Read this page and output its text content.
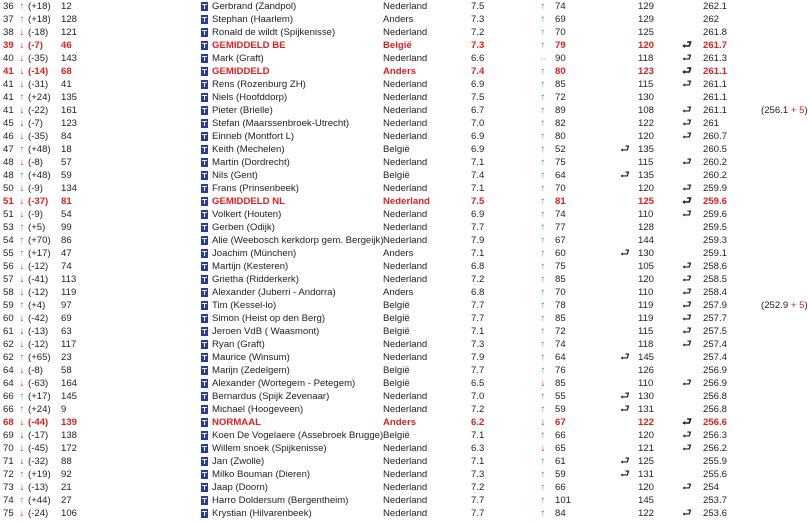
36	↑	(+18)	12		Gerbrand (Zandpol)	Nederland	7.5	↑	74		129		262.1	
37	↑	(+18)	128		Stephan (Haarlem)	Anders	7.3	↑	69		129		262	
38	↓	(-18)	121		Ronald de wildt (Spijkenisse)	Nederland	7.2	↑	70		125		261.8	
39	↓	(-7)	46		GEMIDDELD BE	België	7.3	↑	79		120	⮐	261.7	
40	↓	(-35)	143		Mark (Graft)	Nederland	6.6	⇔	90		118	⮐	261.3	
41	↓	(-14)	68		GEMIDDELD	Anders	7.4	↑	80		123	⮐	261.1	
41	↓	(-31)	41		Rens (Rozenburg ZH)	Nederland	6.9	↑	85		115	⮐	261.1	
41	↑	(+24)	135		Niels (Hoofddorp)	Nederland	7.5	↑	72		130		261.1	
41	↓	(-22)	161		Pieter (Brielle)	Nederland	6.7	↑	89		108	⮐	261.1	(256.1 + 5)
45	↓	(-7)	123		Stefan (Maarssenbroek-Utrecht)	Nederland	7.0	↑	82		122	⮐	261	
46	↓	(-35)	84		Einneb (Montfort L)	Nederland	6.9	↑	80		120	⮐	260.7	
47	↑	(+48)	18		Keith (Mechelen)	België	6.9	↑	52	⮐	135		260.5	
48	↓	(-8)	57		Martin (Dordrecht)	Nederland	7.1	↑	75		115	⮐	260.2	
48	↑	(+48)	59		Nils (Gent)	België	7.4	↑	64	⮐	135		260.2	
50	↓	(-9)	134		Frans (Prinsenbeek)	Nederland	7.1	↑	70		120	⮐	259.9	
51	↓	(-37)	81		GEMIDDELD NL	Nederland	7.5	↑	81		125	⮐	259.6	
51	↓	(-9)	54		Volkert (Houten)	Nederland	6.9	↑	74		110	⮐	259.6	
53	↑	(+5)	99		Gerben (Odijk)	Nederland	7.7	↑	77		128		259.5	
54	↑	(+70)	86		Alie (Weebosch kerkdorp gem. Bergeijk)	Nederland	7.9	↑	67		144		259.3	
55	↑	(+17)	47		Joachim (München)	Anders	7.1	↑	60	⮐	130		259.1	
56	↓	(-12)	74		Martijn (Kesteren)	Nederland	6.8	↑	75		105	⮐	258.6	
57	↓	(-41)	113		Grietha (Ridderkerk)	Nederland	7.2	↑	85		120	⮐	258.5	
58	↓	(-12)	119		Alexander (Juberri - Andorra)	Anders	6.8	↑	70		110	⮐	258.4	
59	↑	(+4)	97		Tim (Kessel-lo)	België	7.7	↑	78		119	⮐	257.9	(252.9 + 5)
60	↓	(-42)	69		Simon (Heist op den Berg)	België	7.7	↑	85		119	⮐	257.7	
61	↓	(-13)	63		Jeroen VdB ( Waasmont)	België	7.1	↑	72		115	⮐	257.5	
62	↓	(-12)	117		Ryan (Graft)	Nederland	7.3	↑	74		118	⮐	257.4	
62	↑	(+65)	23		Maurice (Winsum)	Nederland	7.9	↑	64	⮐	145		257.4	
64	↓	(-8)	58		Marijn (Zedelgem)	België	7.7	↑	76		126		256.9	
64	↓	(-63)	164		Alexander (Wortegem - Petegem)	België	6.5	↓	85		110	⮐	256.9	
66	↑	(+17)	145		Bernardus (Spijk Zevenaar)	Nederland	7.0	↑	55	⮐	130		256.8	
66	↑	(+24)	9		Michael (Hoogeveen)	Nederland	7.2	↑	59	⮐	131		256.8	
68	↓	(-44)	139		NORMAAL	Anders	6.2	↓	67		122	⮐	256.6	
69	↓	(-17)	138		Koen De Vogelaere (Assebroek Brugge)	België	7.1	↑	66		120	⮐	256.3	
70	↓	(-45)	172		Willem snoek (Spijkenisse)	Nederland	6.3	↓	65		121	⮐	256.2	
71	↓	(-32)	88		Jan (Zwolle)	Nederland	7.1	↑	61	⮐	125		255.9	
72	↑	(+19)	92		Milko Bouman (Dieren)	Nederland	7.3	↑	59	⮐	131		255.6	
73	↓	(-13)	21		Jaap (Doorn)	Nederland	7.2	↑	66		120	⮐	254	
74	↑	(+44)	27		Harro Doldersum (Bergentheim)	Nederland	7.7	↑	101		145		253.7	
75	↓	(-24)	106		Krystian (Hilvarenbeek)	Nederland	7.7	↑	84		122	⮐	253.6	
